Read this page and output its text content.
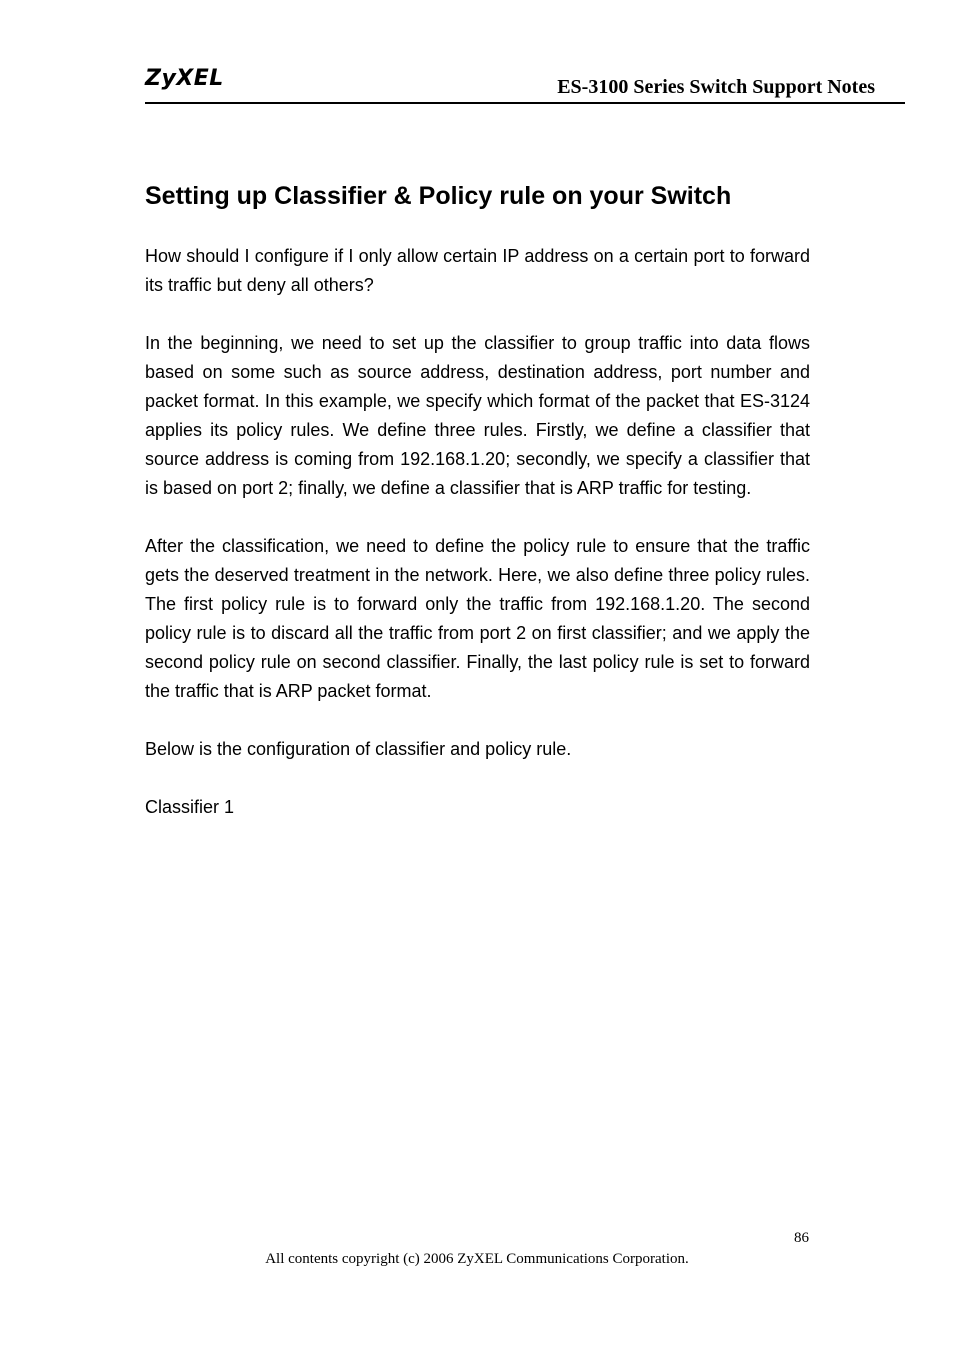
ZyXEL	ES-3100 Series Switch Support Notes
Setting up Classifier & Policy rule on your Switch

How should I configure if I only allow certain IP address on a certain port to forward its traffic but deny all others?

In the beginning, we need to set up the classifier to group traffic into data flows based on some such as source address, destination address, port number and packet format. In this example, we specify which format of the packet that ES-3124 applies its policy rules. We define three rules. Firstly, we define a classifier that source address is coming from 192.168.1.20; secondly, we specify a classifier that is based on port 2; finally, we define a classifier that is ARP traffic for testing.

After the classification, we need to define the policy rule to ensure that the traffic gets the deserved treatment in the network. Here, we also define three policy rules. The first policy rule is to forward only the traffic from 192.168.1.20. The second policy rule is to discard all the traffic from port 2 on first classifier; and we apply the second policy rule on second classifier. Finally, the last policy rule is set to forward the traffic that is ARP packet format.

Below is the configuration of classifier and policy rule.

Classifier 1

86
All contents copyright (c) 2006 ZyXEL Communications Corporation.
